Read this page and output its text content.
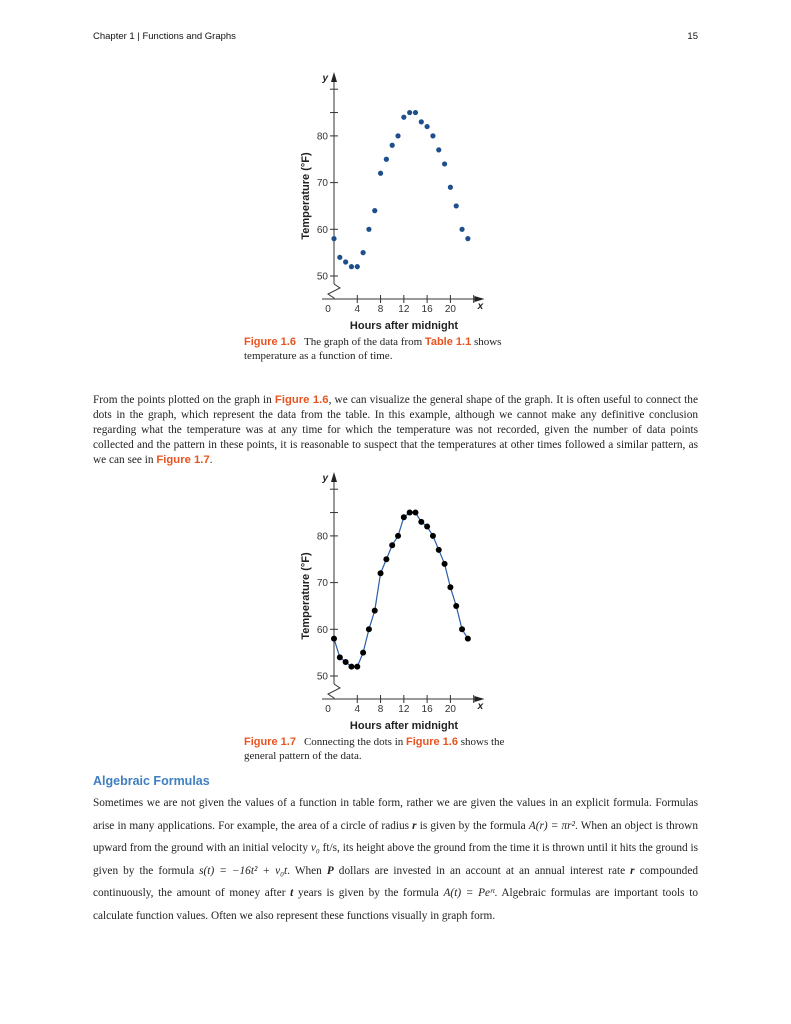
Chapter 1 | Functions and Graphs	15
0 4 8 12 16 20
50
60
70
80
y
x
Hours after midnight
Temperature (°F)
Figure 1.6 The graph of the data from Table 1.1 shows temperature as a function of time.
From the points plotted on the graph in Figure 1.6, we can visualize the general shape of the graph. It is often useful to connect the dots in the graph, which represent the data from the table. In this example, although we cannot make any definitive conclusion regarding what the temperature was at any time for which the temperature was not recorded, given the number of data points collected and the pattern in these points, it is reasonable to suspect that the temperatures at other times followed a similar pattern, as we can see in Figure 1.7.
0 4 8 12 16 20
50
60
70
80
y
x
Hours after midnight
Temperature (°F)
Figure 1.7 Connecting the dots in Figure 1.6 shows the general pattern of the data.
Algebraic Formulas
Sometimes we are not given the values of a function in table form, rather we are given the values in an explicit formula. Formulas arise in many applications. For example, the area of a circle of radius r is given by the formula A(r) = πr². When an object is thrown upward from the ground with an initial velocity v₀ ft/s, its height above the ground from the time it is thrown until it hits the ground is given by the formula s(t) = −16t² + v₀t. When P dollars are invested in an account at an annual interest rate r compounded continuously, the amount of money after t years is given by the formula A(t) = Peʳᵗ. Algebraic formulas are important tools to calculate function values. Often we also represent these functions visually in graph form.
